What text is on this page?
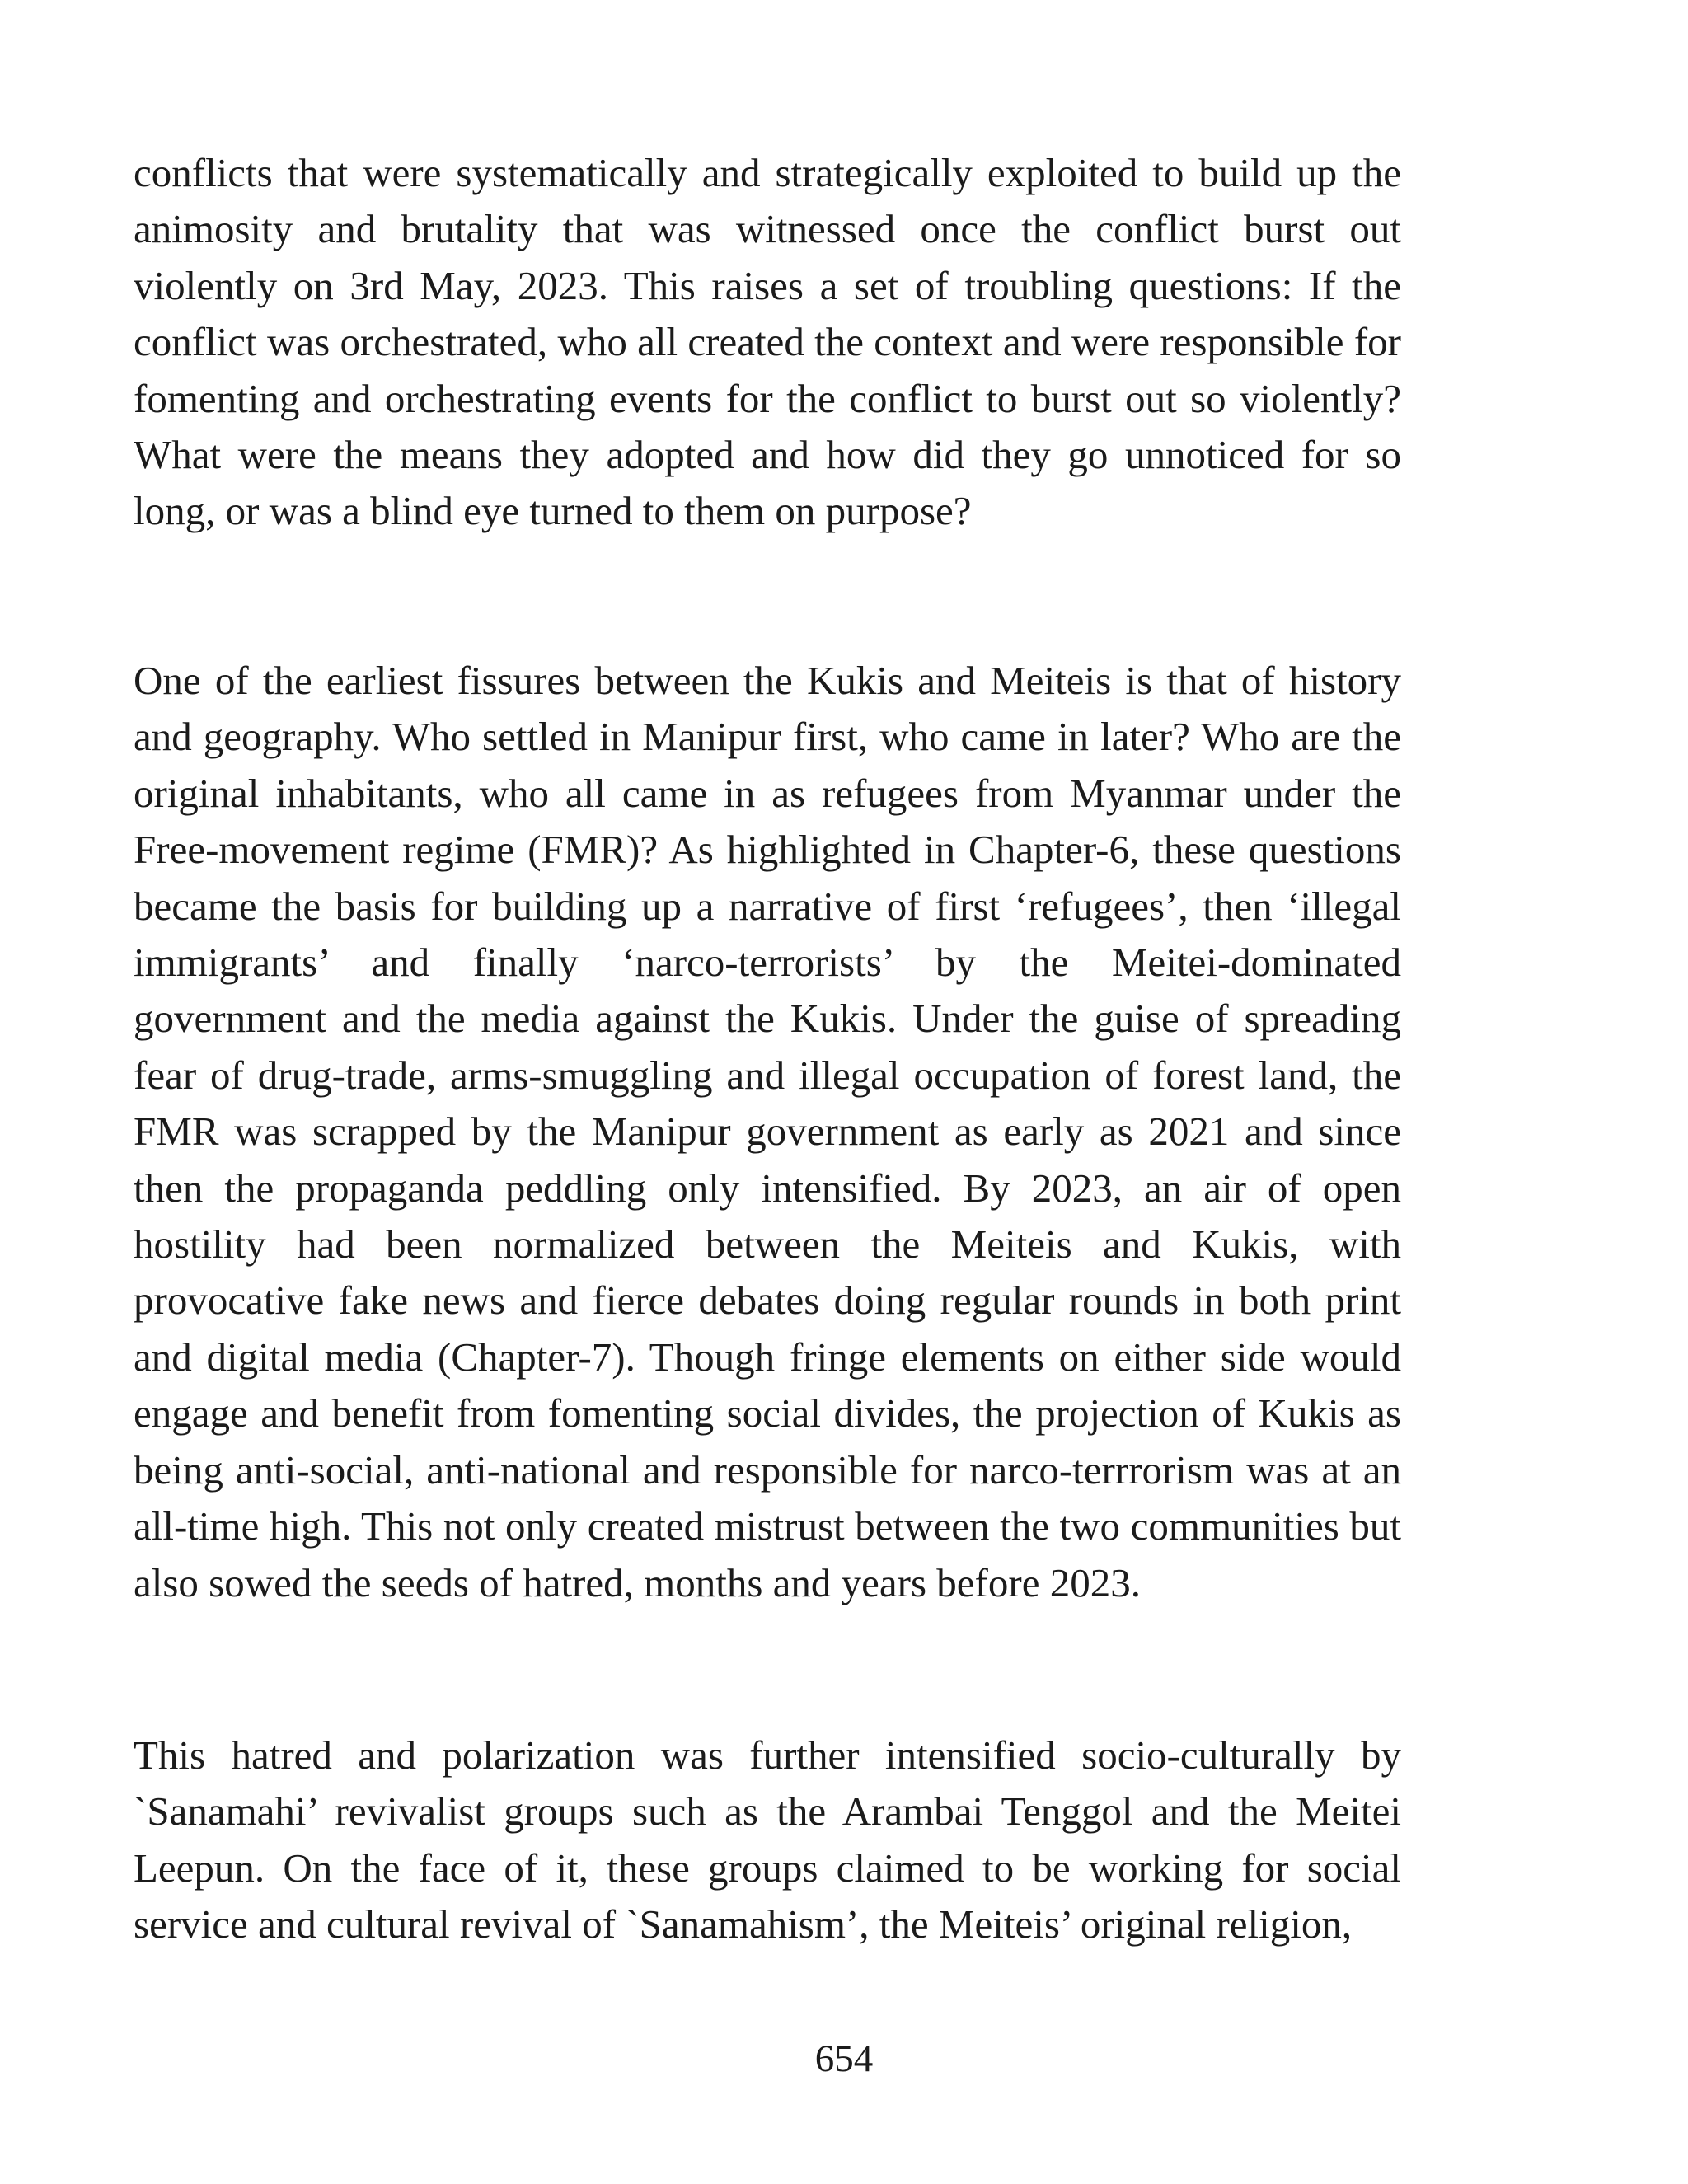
conflicts that were systematically and strategically exploited to build up the animosity and brutality that was witnessed once the conflict burst out violently on 3rd May, 2023. This raises a set of troubling questions: If the conflict was orchestrated, who all created the context and were responsible for fomenting and orchestrating events for the conflict to burst out so violently? What were the means they adopted and how did they go unnoticed for so long, or was a blind eye turned to them on purpose?

One of the earliest fissures between the Kukis and Meiteis is that of history and geography. Who settled in Manipur first, who came in later? Who are the original inhabitants, who all came in as refugees from Myanmar under the Free-movement regime (FMR)? As highlighted in Chapter-6, these questions became the basis for building up a narrative of first ‘refugees’, then ‘illegal immigrants’ and finally ‘narco-terrorists’ by the Meitei-dominated government and the media against the Kukis. Under the guise of spreading fear of drug-trade, arms-smuggling and illegal occupation of forest land, the FMR was scrapped by the Manipur government as early as 2021 and since then the propaganda peddling only intensified. By 2023, an air of open hostility had been normalized between the Meiteis and Kukis, with provocative fake news and fierce debates doing regular rounds in both print and digital media (Chapter-7). Though fringe elements on either side would engage and benefit from fomenting social divides, the projection of Kukis as being anti-social, anti-national and responsible for narco-terrrorism was at an all-time high. This not only created mistrust between the two communities but also sowed the seeds of hatred, months and years before 2023.

This hatred and polarization was further intensified socio-culturally by `Sanamahi’ revivalist groups such as the Arambai Tenggol and the Meitei Leepun. On the face of it, these groups claimed to be working for social service and cultural revival of `Sanamahism’, the Meiteis’ original religion,

654
